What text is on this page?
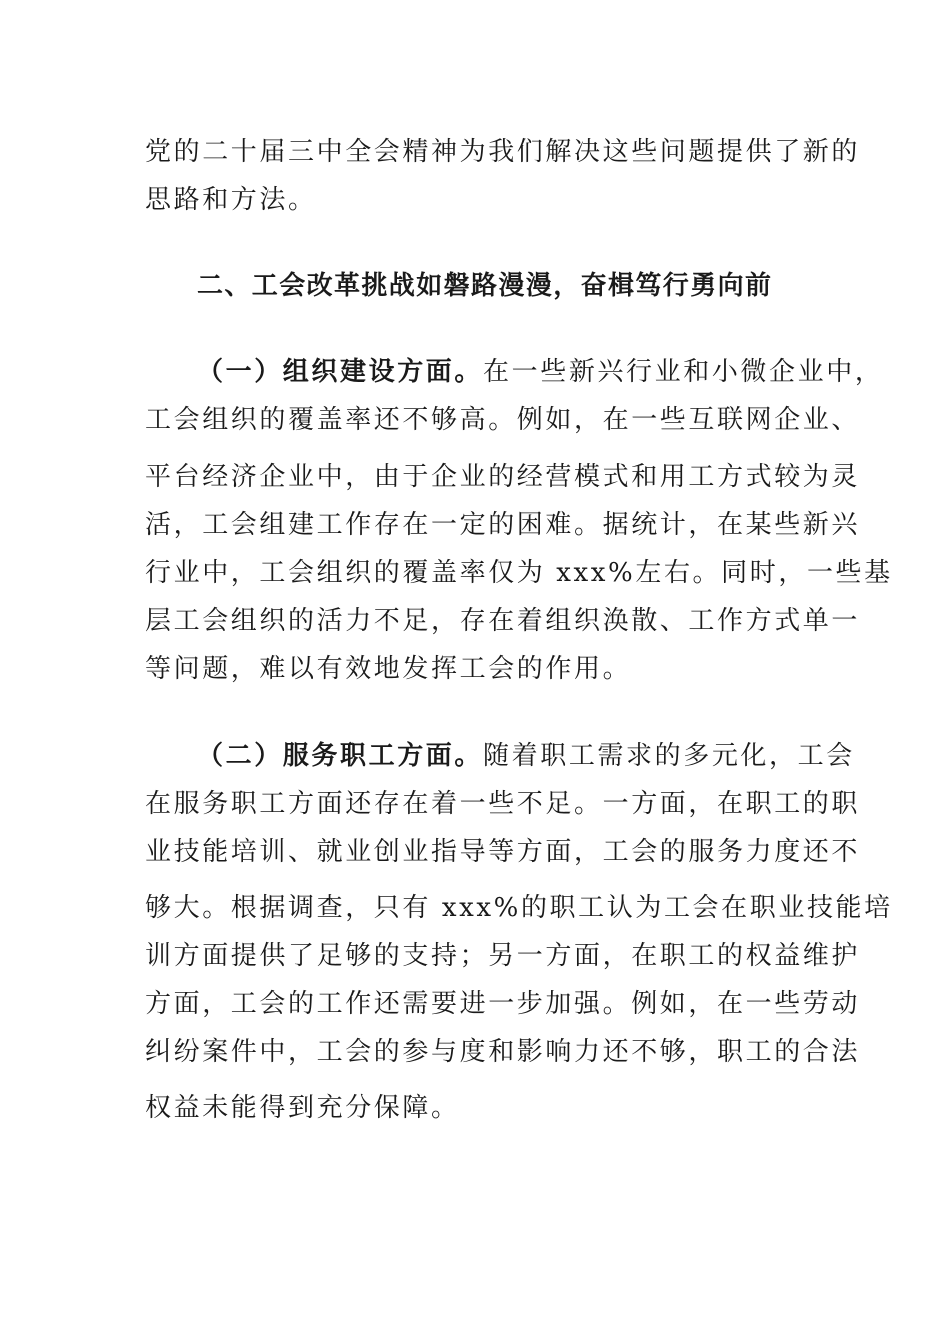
党的二十届三中全会精神为我们解决这些问题提供了新的
思路和方法。
二、工会改革挑战如磐路漫漫，奋楫笃行勇向前
（一）组织建设方面。在一些新兴行业和小微企业中，
工会组织的覆盖率还不够高。例如，在一些互联网企业、
平台经济企业中，由于企业的经营模式和用工方式较为灵
活，工会组建工作存在一定的困难。据统计，在某些新兴
行业中，工会组织的覆盖率仅为 xxx%左右。同时，一些基
层工会组织的活力不足，存在着组织涣散、工作方式单一
等问题，难以有效地发挥工会的作用。
（二）服务职工方面。随着职工需求的多元化，工会
在服务职工方面还存在着一些不足。一方面，在职工的职
业技能培训、就业创业指导等方面，工会的服务力度还不
够大。根据调查，只有 xxx%的职工认为工会在职业技能培
训方面提供了足够的支持；另一方面，在职工的权益维护
方面，工会的工作还需要进一步加强。例如，在一些劳动
纠纷案件中，工会的参与度和影响力还不够，职工的合法
权益未能得到充分保障。
